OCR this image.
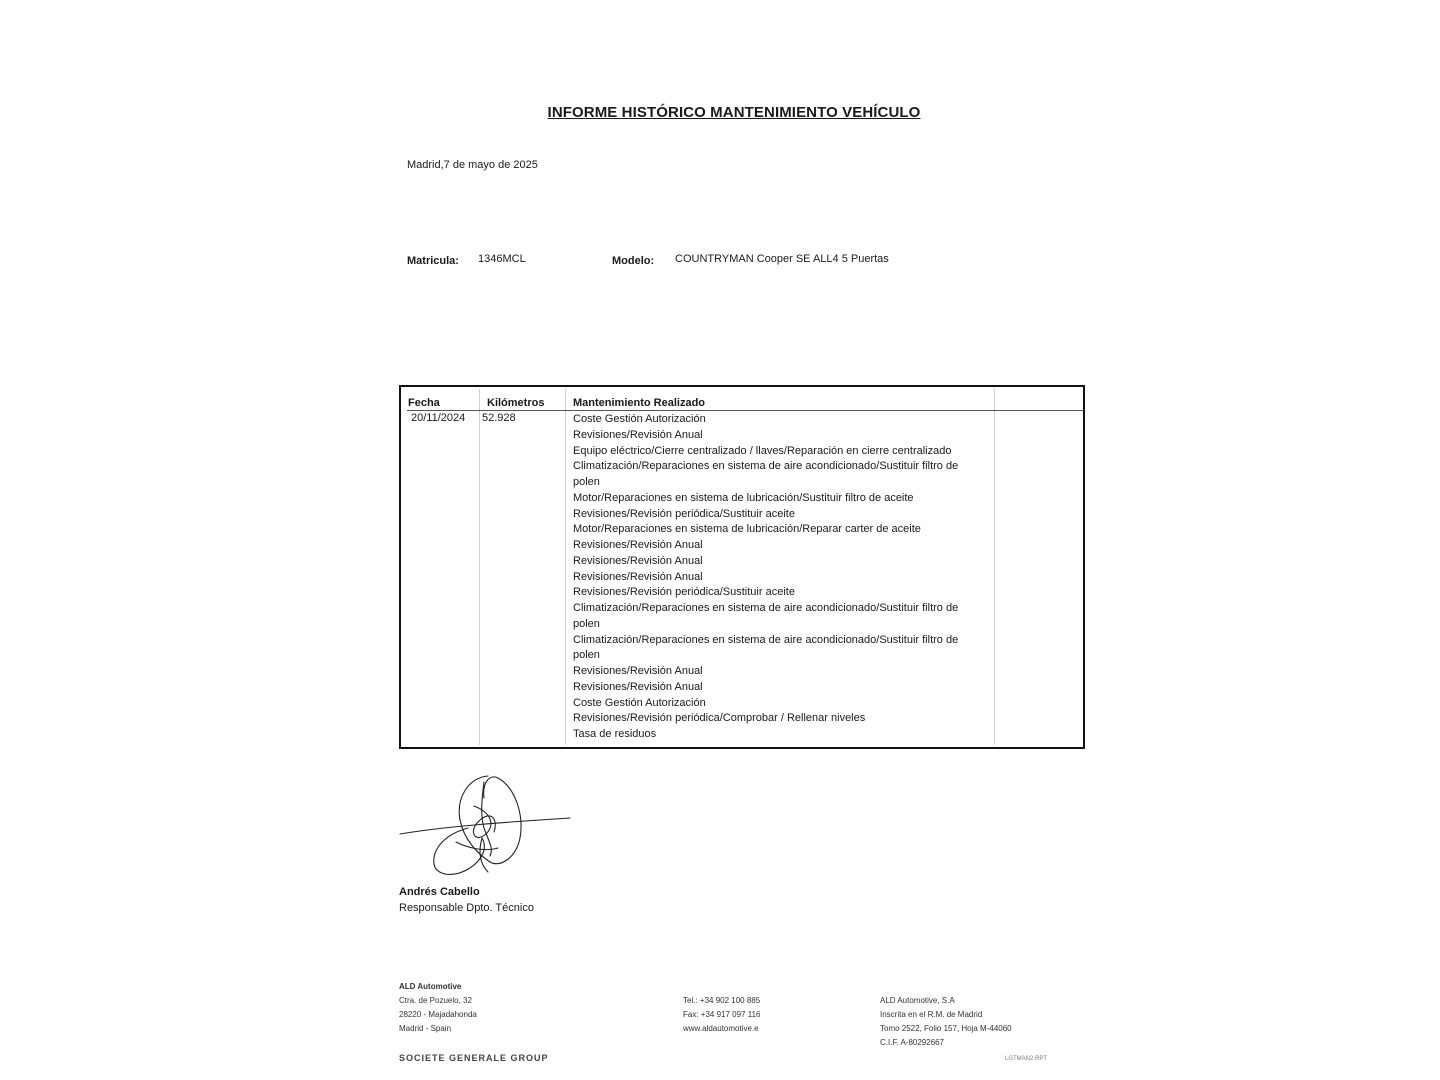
INFORME HISTÓRICO MANTENIMIENTO VEHÍCULO
Madrid,7 de mayo de 2025
Matricula: 1346MCL	Modelo: COUNTRYMAN Cooper SE ALL4 5 Puertas
Fecha	Kilómetros	Mantenimiento Realizado
20/11/2024 52.928	Coste Gestión Autorización
Revisiones/Revisión Anual
Equipo eléctrico/Cierre centralizado / llaves/Reparación en cierre centralizado
Climatización/Reparaciones en sistema de aire acondicionado/Sustituir filtro de
polen
Motor/Reparaciones en sistema de lubricación/Sustituir filtro de aceite
Revisiones/Revisión periódica/Sustituir aceite
Motor/Reparaciones en sistema de lubricación/Reparar carter de aceite
Revisiones/Revisión Anual
Revisiones/Revisión Anual
Revisiones/Revisión Anual
Revisiones/Revisión periódica/Sustituir aceite
Climatización/Reparaciones en sistema de aire acondicionado/Sustituir filtro de
polen
Climatización/Reparaciones en sistema de aire acondicionado/Sustituir filtro de
polen
Revisiones/Revisión Anual
Revisiones/Revisión Anual
Coste Gestión Autorización
Revisiones/Revisión periódica/Comprobar / Rellenar niveles
Tasa de residuos
Andrés Cabello
Responsable Dpto. Técnico
ALD Automotive
Ctra. de Pozuelo, 32
28220 - Majadahonda
Madrid - Spain
Tel.: +34 902 100 885
Fax: +34 917 097 116
www.aldautomotive.e
ALD Automotive, S.A
Inscrita en el R.M. de Madrid
Tomo 2522, Folio 157, Hoja M-44060
C.I.F. A-80292667
SOCIETE GENERALE GROUP	LGTMAN2 RPT
